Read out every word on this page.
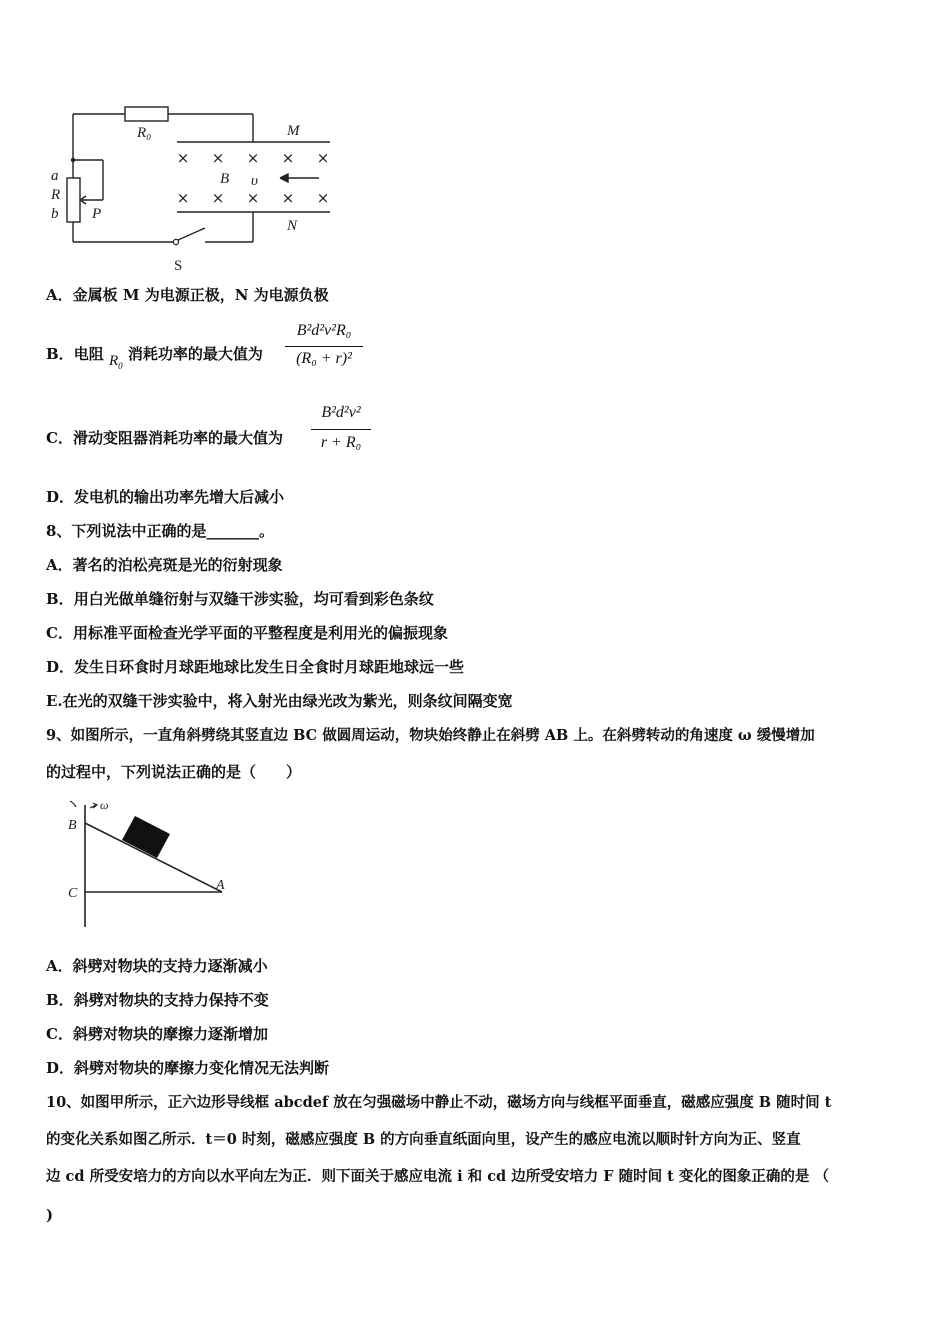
× × × × ×
× × × × ×
R₀	M
N
a
R
b P
B υ
S
A．金属板 M 为电源正极，N 为电源负极
B．电阻 $R_0$ 消耗功率的最大值为
B²d²v²R₀
(R₀ + r)²
C．滑动变阻器消耗功率的最大值为
B²d²v²
r + R₀
D．发电机的输出功率先增大后减小
8、下列说法中正确的是_______。
A．著名的泊松亮斑是光的衍射现象
B．用白光做单缝衍射与双缝干涉实验，均可看到彩色条纹
C．用标准平面检查光学平面的平整程度是利用光的偏振现象
D．发生日环食时月球距地球比发生日全食时月球距地球远一些
E.在光的双缝干涉实验中，将入射光由绿光改为紫光，则条纹间隔变宽
9、如图所示，一直角斜劈绕其竖直边 BC 做圆周运动，物块始终静止在斜劈 AB 上。在斜劈转动的角速度 ω 缓慢增加
的过程中，下列说法正确的是（　　）
B
C
A
ω
A．斜劈对物块的支持力逐渐减小
B．斜劈对物块的支持力保持不变
C．斜劈对物块的摩擦力逐渐增加
D．斜劈对物块的摩擦力变化情况无法判断
10、如图甲所示，正六边形导线框 abcdef 放在匀强磁场中静止不动，磁场方向与线框平面垂直，磁感应强度 B 随时间 t
的变化关系如图乙所示．t＝0 时刻，磁感应强度 B 的方向垂直纸面向里，设产生的感应电流以顺时针方向为正、竖直
边 cd 所受安培力的方向以水平向左为正．则下面关于感应电流 i 和 cd 边所受安培力 F 随时间 t 变化的图象正确的是 （
)
